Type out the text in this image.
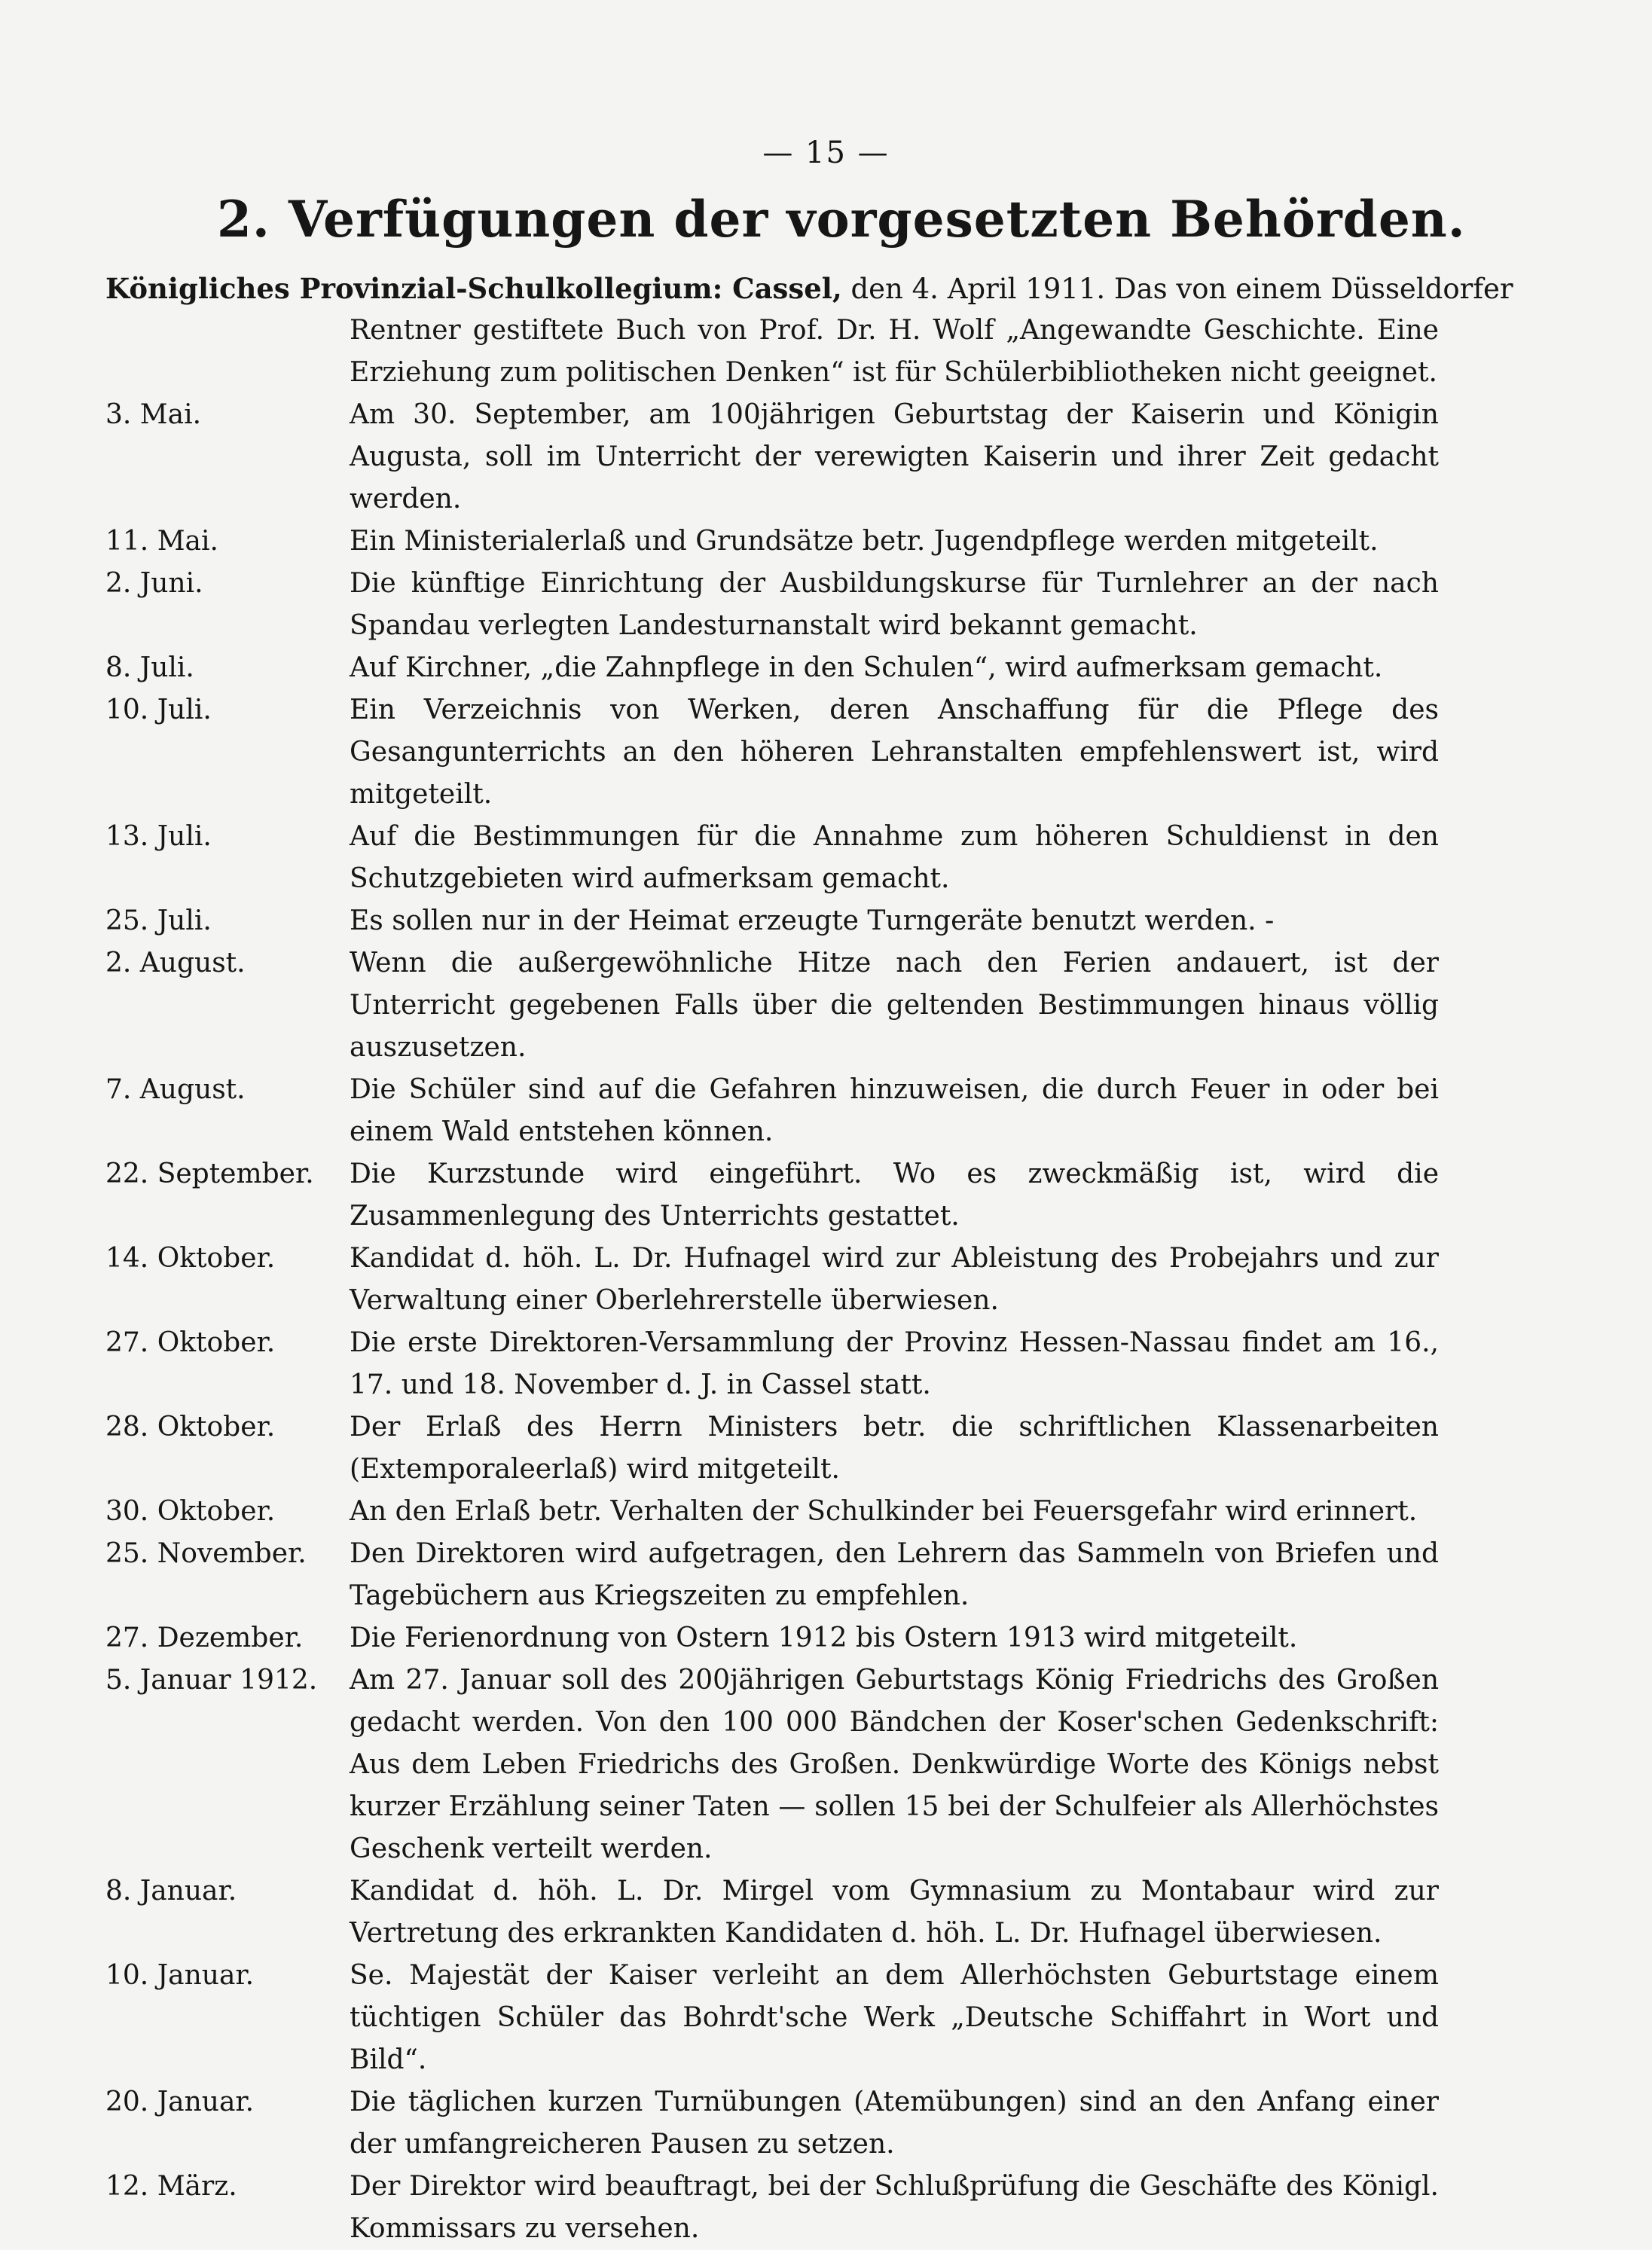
— 15 —
2. Verfügungen der vorgesetzten Behörden.
Königliches Provinzial-Schulkollegium: Cassel, den 4. April 1911. Das von einem Düsseldorfer
Rentner gestiftete Buch von Prof. Dr. H. Wolf „Angewandte Geschichte. Eine Erziehung zum politischen Denken“ ist für Schülerbibliotheken nicht geeignet.
3. Mai.	Am 30. September, am 100jährigen Geburtstag der Kaiserin und Königin Augusta, soll im Unterricht der verewigten Kaiserin und ihrer Zeit gedacht werden.
11. Mai.	Ein Ministerialerlaß und Grundsätze betr. Jugendpflege werden mitgeteilt.
2. Juni.	Die künftige Einrichtung der Ausbildungskurse für Turnlehrer an der nach Spandau verlegten Landesturnanstalt wird bekannt gemacht.
8. Juli.	Auf Kirchner, „die Zahnpflege in den Schulen“, wird aufmerksam gemacht.
10. Juli.	Ein Verzeichnis von Werken, deren Anschaffung für die Pflege des Gesangunterrichts an den höheren Lehranstalten empfehlenswert ist, wird mitgeteilt.
13. Juli.	Auf die Bestimmungen für die Annahme zum höheren Schuldienst in den Schutzgebieten wird aufmerksam gemacht.
25. Juli.	Es sollen nur in der Heimat erzeugte Turngeräte benutzt werden. -
2. August.	Wenn die außergewöhnliche Hitze nach den Ferien andauert, ist der Unterricht gegebenen Falls über die geltenden Bestimmungen hinaus völlig auszusetzen.
7. August.	Die Schüler sind auf die Gefahren hinzuweisen, die durch Feuer in oder bei einem Wald entstehen können.
22. September.	Die Kurzstunde wird eingeführt. Wo es zweckmäßig ist, wird die Zusammenlegung des Unterrichts gestattet.
14. Oktober.	Kandidat d. höh. L. Dr. Hufnagel wird zur Ableistung des Probejahrs und zur Verwaltung einer Oberlehrerstelle überwiesen.
27. Oktober.	Die erste Direktoren-Versammlung der Provinz Hessen-Nassau findet am 16., 17. und 18. November d. J. in Cassel statt.
28. Oktober.	Der Erlaß des Herrn Ministers betr. die schriftlichen Klassenarbeiten (Extemporaleerlaß) wird mitgeteilt.
30. Oktober.	An den Erlaß betr. Verhalten der Schulkinder bei Feuersgefahr wird erinnert.
25. November.	Den Direktoren wird aufgetragen, den Lehrern das Sammeln von Briefen und Tagebüchern aus Kriegszeiten zu empfehlen.
27. Dezember.	Die Ferienordnung von Ostern 1912 bis Ostern 1913 wird mitgeteilt.
5. Januar 1912.	Am 27. Januar soll des 200jährigen Geburtstags König Friedrichs des Großen gedacht werden. Von den 100 000 Bändchen der Koser'schen Gedenkschrift: Aus dem Leben Friedrichs des Großen. Denkwürdige Worte des Königs nebst kurzer Erzählung seiner Taten — sollen 15 bei der Schulfeier als Allerhöchstes Geschenk verteilt werden.
8. Januar.	Kandidat d. höh. L. Dr. Mirgel vom Gymnasium zu Montabaur wird zur Vertretung des erkrankten Kandidaten d. höh. L. Dr. Hufnagel überwiesen.
10. Januar.	Se. Majestät der Kaiser verleiht an dem Allerhöchsten Geburtstage einem tüchtigen Schüler das Bohrdt'sche Werk „Deutsche Schiffahrt in Wort und Bild“.
20. Januar.	Die täglichen kurzen Turnübungen (Atemübungen) sind an den Anfang einer der umfangreicheren Pausen zu setzen.
12. März.	Der Direktor wird beauftragt, bei der Schlußprüfung die Geschäfte des Königl. Kommissars zu versehen.
